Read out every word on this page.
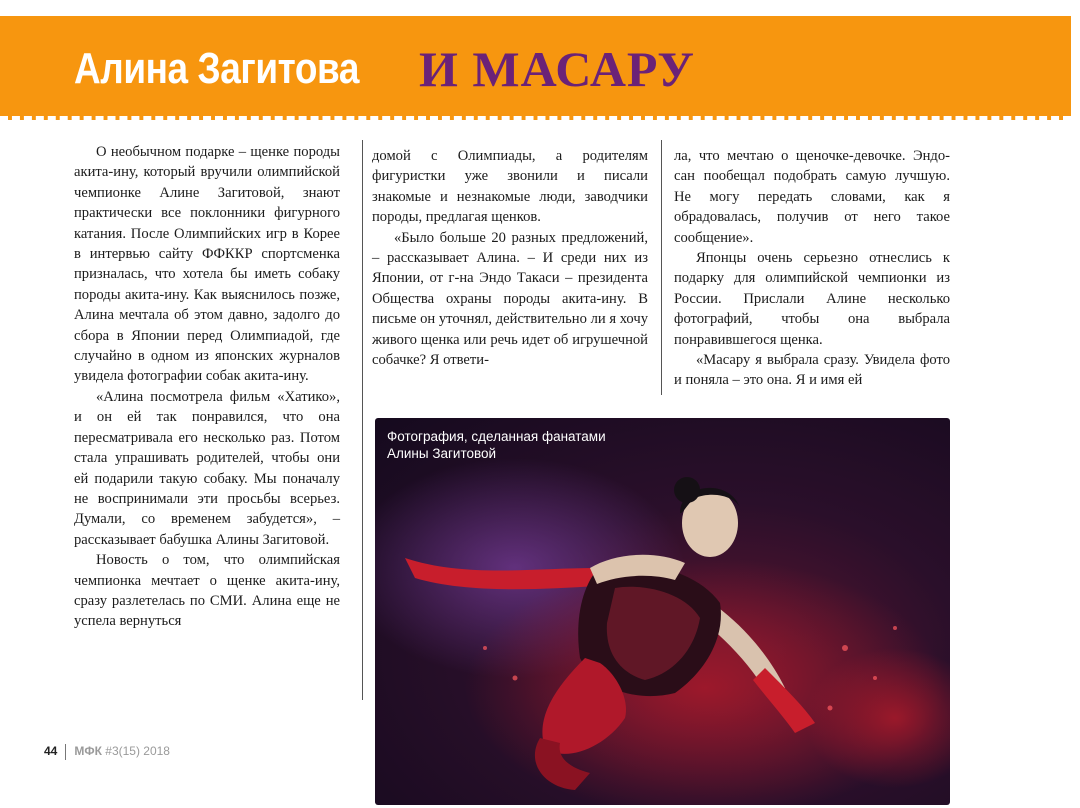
Алина Загитова И МАСАРУ

О необычном подарке – щенке породы акита-ину, который вручили олимпийской чемпионке Алине Загитовой, знают практически все поклонники фигурного катания. После Олимпийских игр в Корее в интервью сайту ФФККР спортсменка призналась, что хотела бы иметь собаку породы акита-ину. Как выяснилось позже, Алина мечтала об этом давно, задолго до сбора в Японии перед Олимпиадой, где случайно в одном из японских журналов увидела фотографии собак акита-ину.

«Алина посмотрела фильм «Хатико», и он ей так понравился, что она пересматривала его несколько раз. Потом стала упрашивать родителей, чтобы они ей подарили такую собаку. Мы поначалу не воспринимали эти просьбы всерьез. Думали, со временем забудется», – рассказывает бабушка Алины Загитовой.

Новость о том, что олимпийская чемпионка мечтает о щенке акита-ину, сразу разлетелась по СМИ. Алина еще не успела вернуться

домой с Олимпиады, а родителям фигуристки уже звонили и писали знакомые и незнакомые люди, заводчики породы, предлагая щенков.

«Было больше 20 разных предложений, – рассказывает Алина. – И среди них из Японии, от г-на Эндо Такаси – президента Общества охраны породы акита-ину. В письме он уточнял, действительно ли я хочу живого щенка или речь идет об игрушечной собачке? Я ответи-

ла, что мечтаю о щеночке-девочке. Эндо-сан пообещал подобрать самую лучшую. Не могу передать словами, как я обрадовалась, получив от него такое сообщение».

Японцы очень серьезно отнеслись к подарку для олимпийской чемпионки из России. Прислали Алине несколько фотографий, чтобы она выбрала понравившегося щенка.

«Масару я выбрала сразу. Увидела фото и поняла – это она. Я и имя ей

Фотография, сделанная фанатами
Алины Загитовой
44 МФК #3(15) 2018
